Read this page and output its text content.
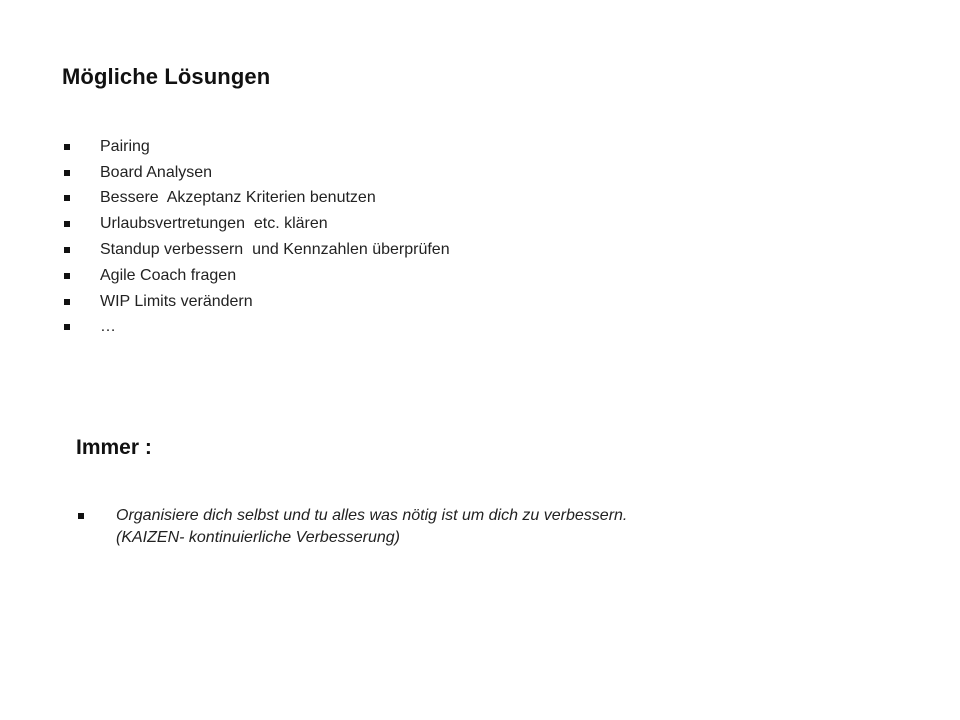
Mögliche Lösungen
Pairing
Board Analysen
Bessere  Akzeptanz Kriterien benutzen
Urlaubsvertretungen  etc. klären
Standup verbessern  und Kennzahlen überprüfen
Agile Coach fragen
WIP Limits verändern
…
Immer :
Organisiere dich selbst und tu alles was nötig ist um dich zu verbessern.
(KAIZEN- kontinuierliche Verbesserung)
